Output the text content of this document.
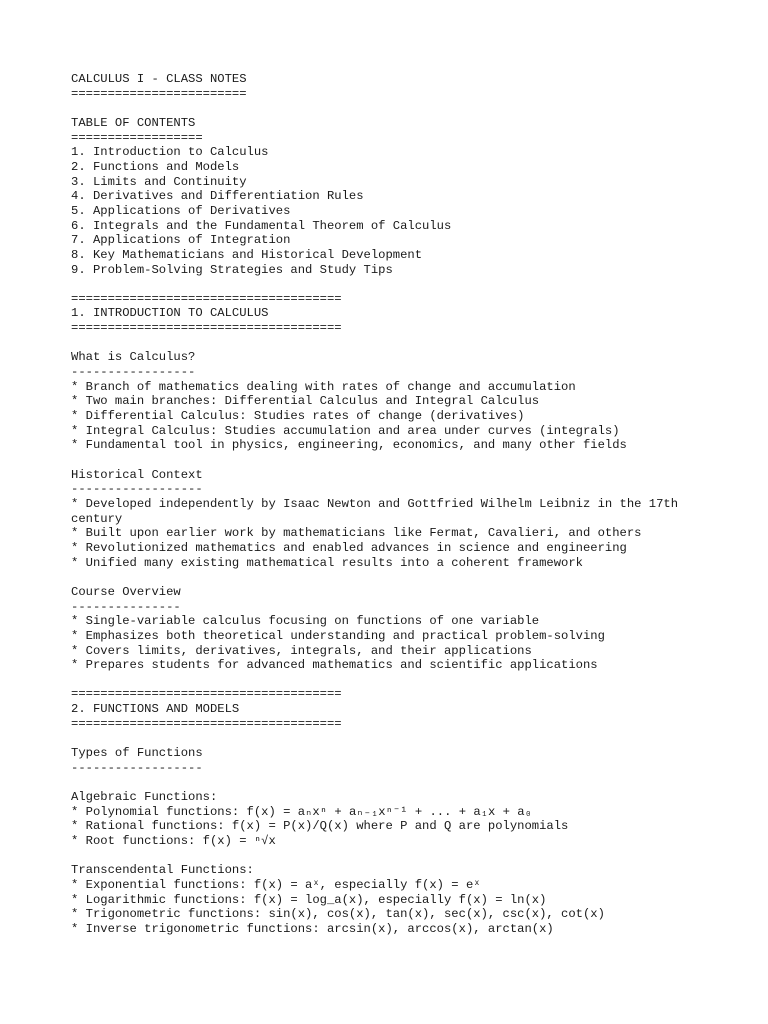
CALCULUS I - CLASS NOTES
========================
TABLE OF CONTENTS
==================
1. Introduction to Calculus
2. Functions and Models
3. Limits and Continuity
4. Derivatives and Differentiation Rules
5. Applications of Derivatives
6. Integrals and the Fundamental Theorem of Calculus
7. Applications of Integration
8. Key Mathematicians and Historical Development
9. Problem-Solving Strategies and Study Tips
=====================================
1. INTRODUCTION TO CALCULUS
=====================================
What is Calculus?
-----------------
* Branch of mathematics dealing with rates of change and accumulation
* Two main branches: Differential Calculus and Integral Calculus
* Differential Calculus: Studies rates of change (derivatives)
* Integral Calculus: Studies accumulation and area under curves (integrals)
* Fundamental tool in physics, engineering, economics, and many other fields
Historical Context
------------------
* Developed independently by Isaac Newton and Gottfried Wilhelm Leibniz in the 17th
century
* Built upon earlier work by mathematicians like Fermat, Cavalieri, and others
* Revolutionized mathematics and enabled advances in science and engineering
* Unified many existing mathematical results into a coherent framework
Course Overview
---------------
* Single-variable calculus focusing on functions of one variable
* Emphasizes both theoretical understanding and practical problem-solving
* Covers limits, derivatives, integrals, and their applications
* Prepares students for advanced mathematics and scientific applications
=====================================
2. FUNCTIONS AND MODELS
=====================================
Types of Functions
------------------
Algebraic Functions:
* Polynomial functions: f(x) = aₙxⁿ + aₙ₋₁xⁿ⁻¹ + ... + a₁x + a₀
* Rational functions: f(x) = P(x)/Q(x) where P and Q are polynomials
* Root functions: f(x) = ⁿ√x
Transcendental Functions:
* Exponential functions: f(x) = aˣ, especially f(x) = eˣ
* Logarithmic functions: f(x) = log_a(x), especially f(x) = ln(x)
* Trigonometric functions: sin(x), cos(x), tan(x), sec(x), csc(x), cot(x)
* Inverse trigonometric functions: arcsin(x), arccos(x), arctan(x)
